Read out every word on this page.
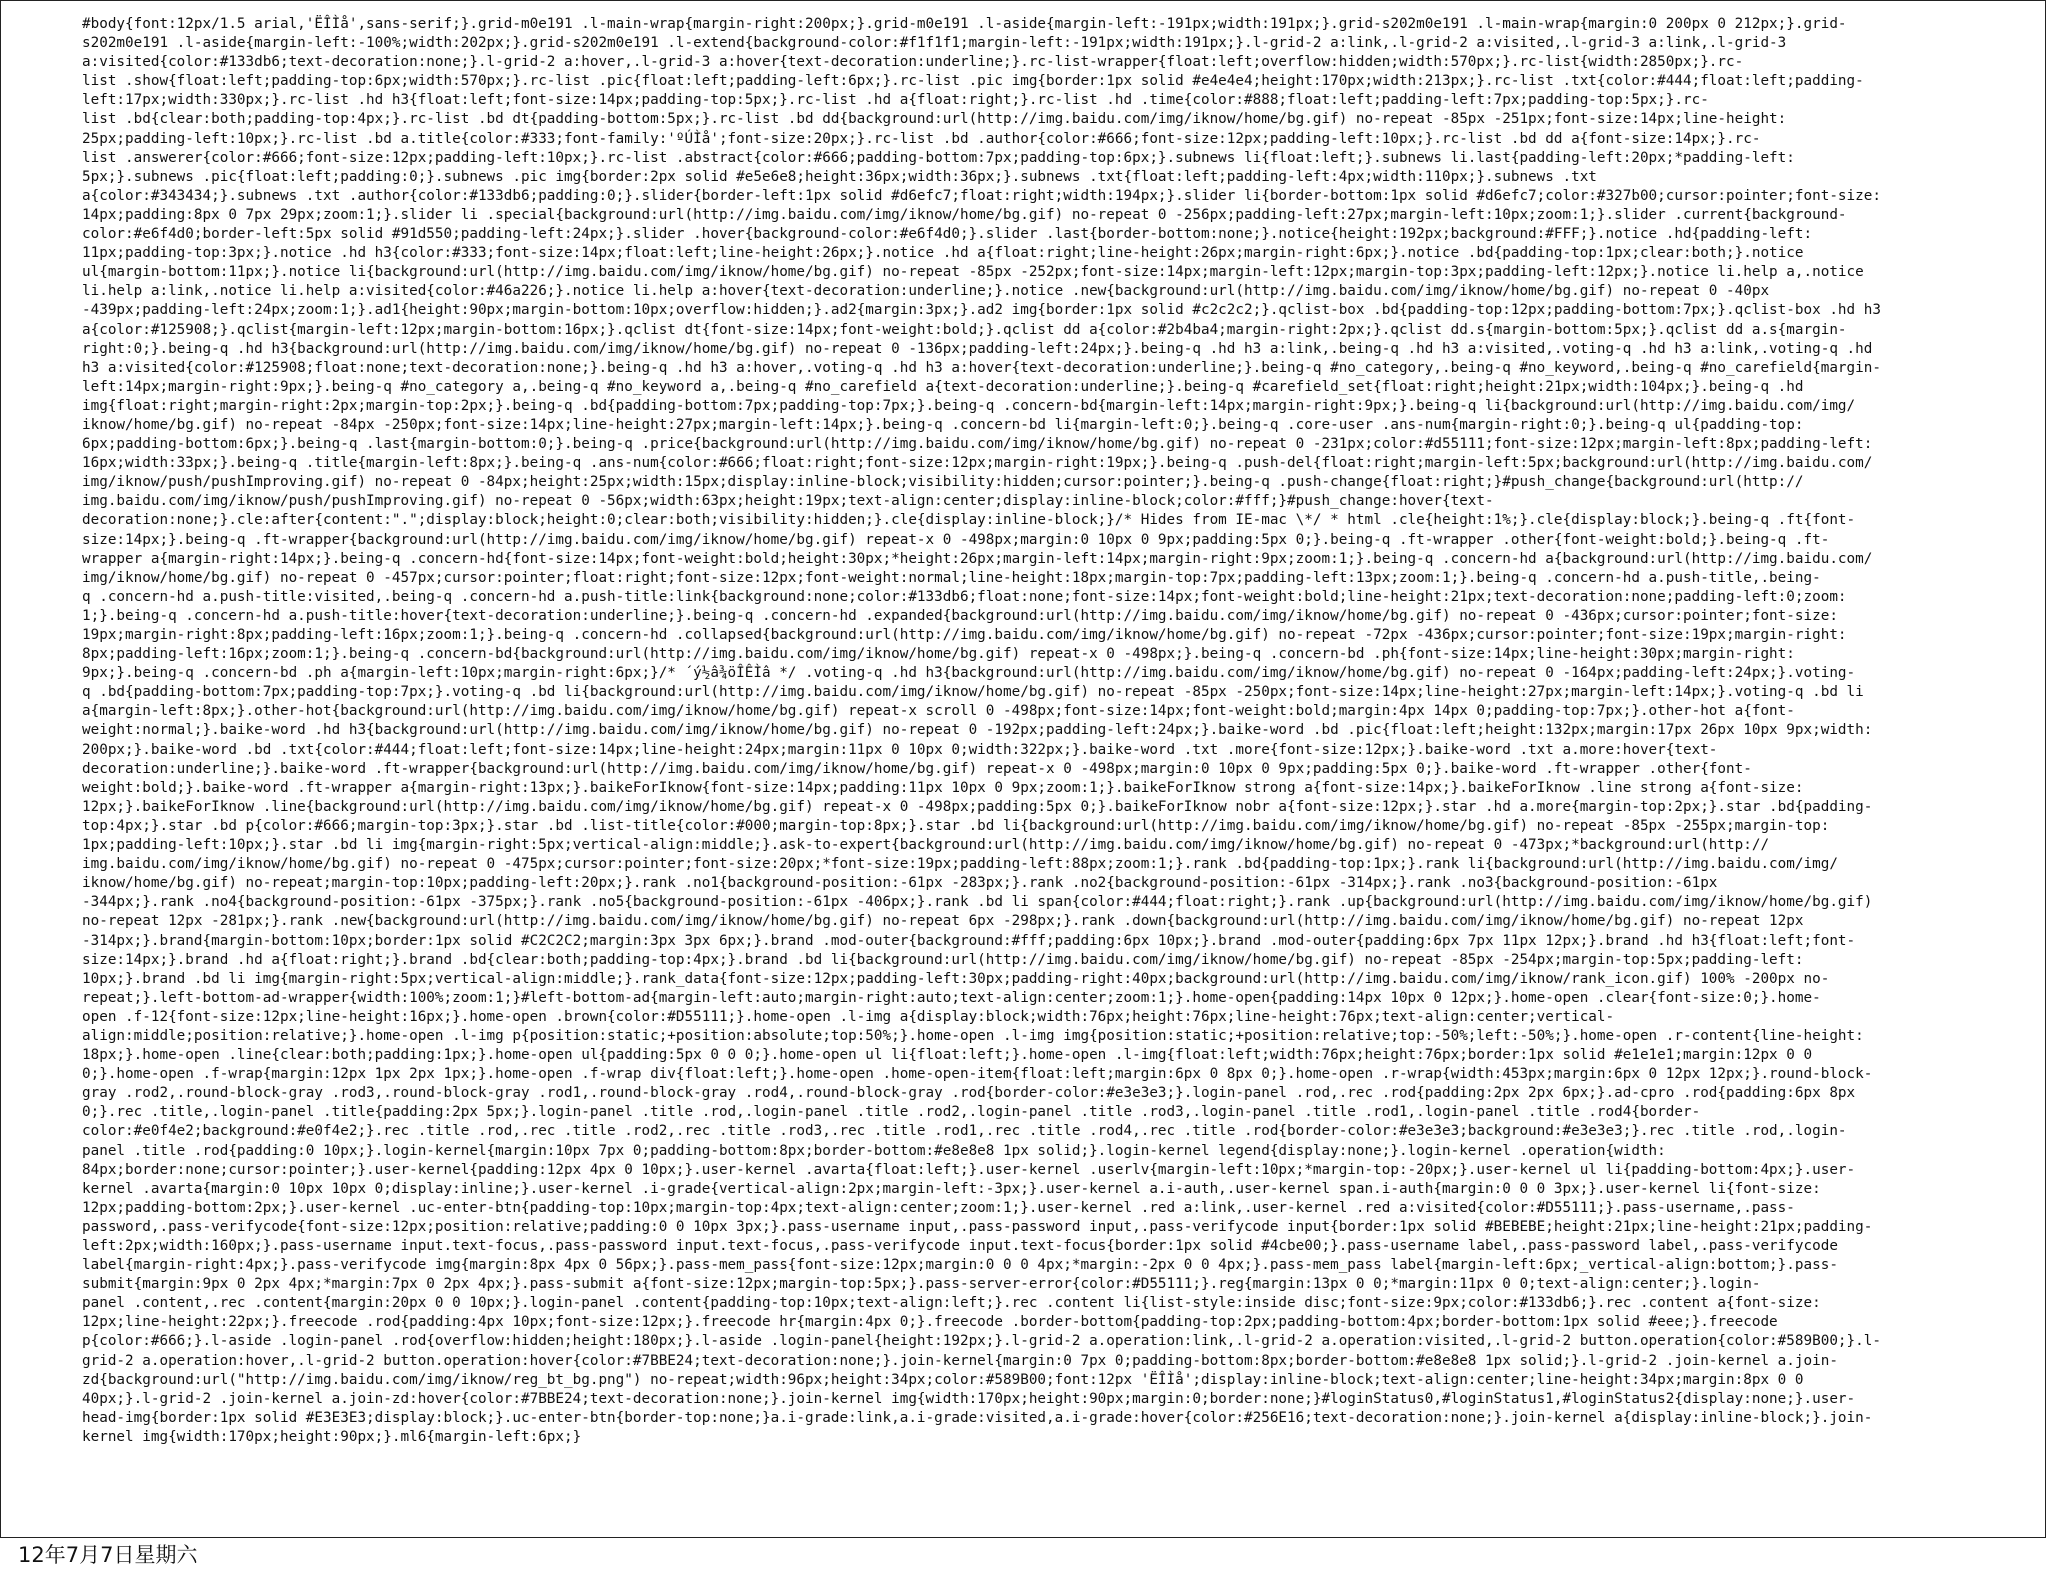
#body{font:12px/1.5 arial,'ËÎÌå',sans-serif;}.grid-m0e191 .l-main-wrap{margin-right:200px;}.grid-m0e191 .l-aside{margin-left:-191px;width:191px;}.grid-s202m0e191 .l-main-wrap{margin:0 200px 0 212px;}.grid-
s202m0e191 .l-aside{margin-left:-100%;width:202px;}.grid-s202m0e191 .l-extend{background-color:#f1f1f1;margin-left:-191px;width:191px;}.l-grid-2 a:link,.l-grid-2 a:visited,.l-grid-3 a:link,.l-grid-3
a:visited{color:#133db6;text-decoration:none;}.l-grid-2 a:hover,.l-grid-3 a:hover{text-decoration:underline;}.rc-list-wrapper{float:left;overflow:hidden;width:570px;}.rc-list{width:2850px;}.rc-
list .show{float:left;padding-top:6px;width:570px;}.rc-list .pic{float:left;padding-left:6px;}.rc-list .pic img{border:1px solid #e4e4e4;height:170px;width:213px;}.rc-list .txt{color:#444;float:left;padding-
left:17px;width:330px;}.rc-list .hd h3{float:left;font-size:14px;padding-top:5px;}.rc-list .hd a{float:right;}.rc-list .hd .time{color:#888;float:left;padding-left:7px;padding-top:5px;}.rc-
list .bd{clear:both;padding-top:4px;}.rc-list .bd dt{padding-bottom:5px;}.rc-list .bd dd{background:url(http://img.baidu.com/img/iknow/home/bg.gif) no-repeat -85px -251px;font-size:14px;line-height:
25px;padding-left:10px;}.rc-list .bd a.title{color:#333;font-family:'ºÚÌå';font-size:20px;}.rc-list .bd .author{color:#666;font-size:12px;padding-left:10px;}.rc-list .bd dd a{font-size:14px;}.rc-
list .answerer{color:#666;font-size:12px;padding-left:10px;}.rc-list .abstract{color:#666;padding-bottom:7px;padding-top:6px;}.subnews li{float:left;}.subnews li.last{padding-left:20px;*padding-left:
5px;}.subnews .pic{float:left;padding:0;}.subnews .pic img{border:2px solid #e5e6e8;height:36px;width:36px;}.subnews .txt{float:left;padding-left:4px;width:110px;}.subnews .txt
a{color:#343434;}.subnews .txt .author{color:#133db6;padding:0;}.slider{border-left:1px solid #d6efc7;float:right;width:194px;}.slider li{border-bottom:1px solid #d6efc7;color:#327b00;cursor:pointer;font-size:
14px;padding:8px 0 7px 29px;zoom:1;}.slider li .special{background:url(http://img.baidu.com/img/iknow/home/bg.gif) no-repeat 0 -256px;padding-left:27px;margin-left:10px;zoom:1;}.slider .current{background-
color:#e6f4d0;border-left:5px solid #91d550;padding-left:24px;}.slider .hover{background-color:#e6f4d0;}.slider .last{border-bottom:none;}.notice{height:192px;background:#FFF;}.notice .hd{padding-left:
11px;padding-top:3px;}.notice .hd h3{color:#333;font-size:14px;float:left;line-height:26px;}.notice .hd a{float:right;line-height:26px;margin-right:6px;}.notice .bd{padding-top:1px;clear:both;}.notice
ul{margin-bottom:11px;}.notice li{background:url(http://img.baidu.com/img/iknow/home/bg.gif) no-repeat -85px -252px;font-size:14px;margin-left:12px;margin-top:3px;padding-left:12px;}.notice li.help a,.notice
li.help a:link,.notice li.help a:visited{color:#46a226;}.notice li.help a:hover{text-decoration:underline;}.notice .new{background:url(http://img.baidu.com/img/iknow/home/bg.gif) no-repeat 0 -40px
-439px;padding-left:24px;zoom:1;}.ad1{height:90px;margin-bottom:10px;overflow:hidden;}.ad2{margin:3px;}.ad2 img{border:1px solid #c2c2c2;}.qclist-box .bd{padding-top:12px;padding-bottom:7px;}.qclist-box .hd h3
a{color:#125908;}.qclist{margin-left:12px;margin-bottom:16px;}.qclist dt{font-size:14px;font-weight:bold;}.qclist dd a{color:#2b4ba4;margin-right:2px;}.qclist dd.s{margin-bottom:5px;}.qclist dd a.s{margin-
right:0;}.being-q .hd h3{background:url(http://img.baidu.com/img/iknow/home/bg.gif) no-repeat 0 -136px;padding-left:24px;}.being-q .hd h3 a:link,.being-q .hd h3 a:visited,.voting-q .hd h3 a:link,.voting-q .hd
h3 a:visited{color:#125908;float:none;text-decoration:none;}.being-q .hd h3 a:hover,.voting-q .hd h3 a:hover{text-decoration:underline;}.being-q #no_category,.being-q #no_keyword,.being-q #no_carefield{margin-
left:14px;margin-right:9px;}.being-q #no_category a,.being-q #no_keyword a,.being-q #no_carefield a{text-decoration:underline;}.being-q #carefield_set{float:right;height:21px;width:104px;}.being-q .hd
img{float:right;margin-right:2px;margin-top:2px;}.being-q .bd{padding-bottom:7px;padding-top:7px;}.being-q .concern-bd{margin-left:14px;margin-right:9px;}.being-q li{background:url(http://img.baidu.com/img/
iknow/home/bg.gif) no-repeat -84px -250px;font-size:14px;line-height:27px;margin-left:14px;}.being-q .concern-bd li{margin-left:0;}.being-q .core-user .ans-num{margin-right:0;}.being-q ul{padding-top:
6px;padding-bottom:6px;}.being-q .last{margin-bottom:0;}.being-q .price{background:url(http://img.baidu.com/img/iknow/home/bg.gif) no-repeat 0 -231px;color:#d55111;font-size:12px;margin-left:8px;padding-left:
16px;width:33px;}.being-q .title{margin-left:8px;}.being-q .ans-num{color:#666;float:right;font-size:12px;margin-right:19px;}.being-q .push-del{float:right;margin-left:5px;background:url(http://img.baidu.com/
img/iknow/push/pushImproving.gif) no-repeat 0 -84px;height:25px;width:15px;display:inline-block;visibility:hidden;cursor:pointer;}.being-q .push-change{float:right;}#push_change{background:url(http://
img.baidu.com/img/iknow/push/pushImproving.gif) no-repeat 0 -56px;width:63px;height:19px;text-align:center;display:inline-block;color:#fff;}#push_change:hover{text-
decoration:none;}.cle:after{content:".";display:block;height:0;clear:both;visibility:hidden;}.cle{display:inline-block;}/* Hides from IE-mac \*/ * html .cle{height:1%;}.cle{display:block;}.being-q .ft{font-
size:14px;}.being-q .ft-wrapper{background:url(http://img.baidu.com/img/iknow/home/bg.gif) repeat-x 0 -498px;margin:0 10px 0 9px;padding:5px 0;}.being-q .ft-wrapper .other{font-weight:bold;}.being-q .ft-
wrapper a{margin-right:14px;}.being-q .concern-hd{font-size:14px;font-weight:bold;height:30px;*height:26px;margin-left:14px;margin-right:9px;zoom:1;}.being-q .concern-hd a{background:url(http://img.baidu.com/
img/iknow/home/bg.gif) no-repeat 0 -457px;cursor:pointer;float:right;font-size:12px;font-weight:normal;line-height:18px;margin-top:7px;padding-left:13px;zoom:1;}.being-q .concern-hd a.push-title,.being-
q .concern-hd a.push-title:visited,.being-q .concern-hd a.push-title:link{background:none;color:#133db6;float:none;font-size:14px;font-weight:bold;line-height:21px;text-decoration:none;padding-left:0;zoom:
1;}.being-q .concern-hd a.push-title:hover{text-decoration:underline;}.being-q .concern-hd .expanded{background:url(http://img.baidu.com/img/iknow/home/bg.gif) no-repeat 0 -436px;cursor:pointer;font-size:
19px;margin-right:8px;padding-left:16px;zoom:1;}.being-q .concern-hd .collapsed{background:url(http://img.baidu.com/img/iknow/home/bg.gif) no-repeat -72px -436px;cursor:pointer;font-size:19px;margin-right:
8px;padding-left:16px;zoom:1;}.being-q .concern-bd{background:url(http://img.baidu.com/img/iknow/home/bg.gif) repeat-x 0 -498px;}.being-q .concern-bd .ph{font-size:14px;line-height:30px;margin-right:
9px;}.being-q .concern-bd .ph a{margin-left:10px;margin-right:6px;}/* ´ý½â¾öÎÊÌâ */ .voting-q .hd h3{background:url(http://img.baidu.com/img/iknow/home/bg.gif) no-repeat 0 -164px;padding-left:24px;}.voting-
q .bd{padding-bottom:7px;padding-top:7px;}.voting-q .bd li{background:url(http://img.baidu.com/img/iknow/home/bg.gif) no-repeat -85px -250px;font-size:14px;line-height:27px;margin-left:14px;}.voting-q .bd li
a{margin-left:8px;}.other-hot{background:url(http://img.baidu.com/img/iknow/home/bg.gif) repeat-x scroll 0 -498px;font-size:14px;font-weight:bold;margin:4px 14px 0;padding-top:7px;}.other-hot a{font-
weight:normal;}.baike-word .hd h3{background:url(http://img.baidu.com/img/iknow/home/bg.gif) no-repeat 0 -192px;padding-left:24px;}.baike-word .bd .pic{float:left;height:132px;margin:17px 26px 10px 9px;width:
200px;}.baike-word .bd .txt{color:#444;float:left;font-size:14px;line-height:24px;margin:11px 0 10px 0;width:322px;}.baike-word .txt .more{font-size:12px;}.baike-word .txt a.more:hover{text-
decoration:underline;}.baike-word .ft-wrapper{background:url(http://img.baidu.com/img/iknow/home/bg.gif) repeat-x 0 -498px;margin:0 10px 0 9px;padding:5px 0;}.baike-word .ft-wrapper .other{font-
weight:bold;}.baike-word .ft-wrapper a{margin-right:13px;}.baikeForIknow{font-size:14px;padding:11px 10px 0 9px;zoom:1;}.baikeForIknow strong a{font-size:14px;}.baikeForIknow .line strong a{font-size:
12px;}.baikeForIknow .line{background:url(http://img.baidu.com/img/iknow/home/bg.gif) repeat-x 0 -498px;padding:5px 0;}.baikeForIknow nobr a{font-size:12px;}.star .hd a.more{margin-top:2px;}.star .bd{padding-
top:4px;}.star .bd p{color:#666;margin-top:3px;}.star .bd .list-title{color:#000;margin-top:8px;}.star .bd li{background:url(http://img.baidu.com/img/iknow/home/bg.gif) no-repeat -85px -255px;margin-top:
1px;padding-left:10px;}.star .bd li img{margin-right:5px;vertical-align:middle;}.ask-to-expert{background:url(http://img.baidu.com/img/iknow/home/bg.gif) no-repeat 0 -473px;*background:url(http://
img.baidu.com/img/iknow/home/bg.gif) no-repeat 0 -475px;cursor:pointer;font-size:20px;*font-size:19px;padding-left:88px;zoom:1;}.rank .bd{padding-top:1px;}.rank li{background:url(http://img.baidu.com/img/
iknow/home/bg.gif) no-repeat;margin-top:10px;padding-left:20px;}.rank .no1{background-position:-61px -283px;}.rank .no2{background-position:-61px -314px;}.rank .no3{background-position:-61px
-344px;}.rank .no4{background-position:-61px -375px;}.rank .no5{background-position:-61px -406px;}.rank .bd li span{color:#444;float:right;}.rank .up{background:url(http://img.baidu.com/img/iknow/home/bg.gif)
no-repeat 12px -281px;}.rank .new{background:url(http://img.baidu.com/img/iknow/home/bg.gif) no-repeat 6px -298px;}.rank .down{background:url(http://img.baidu.com/img/iknow/home/bg.gif) no-repeat 12px
-314px;}.brand{margin-bottom:10px;border:1px solid #C2C2C2;margin:3px 3px 6px;}.brand .mod-outer{background:#fff;padding:6px 10px;}.brand .mod-outer{padding:6px 7px 11px 12px;}.brand .hd h3{float:left;font-
size:14px;}.brand .hd a{float:right;}.brand .bd{clear:both;padding-top:4px;}.brand .bd li{background:url(http://img.baidu.com/img/iknow/home/bg.gif) no-repeat -85px -254px;margin-top:5px;padding-left:
10px;}.brand .bd li img{margin-right:5px;vertical-align:middle;}.rank_data{font-size:12px;padding-left:30px;padding-right:40px;background:url(http://img.baidu.com/img/iknow/rank_icon.gif) 100% -200px no-
repeat;}.left-bottom-ad-wrapper{width:100%;zoom:1;}#left-bottom-ad{margin-left:auto;margin-right:auto;text-align:center;zoom:1;}.home-open{padding:14px 10px 0 12px;}.home-open .clear{font-size:0;}.home-
open .f-12{font-size:12px;line-height:16px;}.home-open .brown{color:#D55111;}.home-open .l-img a{display:block;width:76px;height:76px;line-height:76px;text-align:center;vertical-
align:middle;position:relative;}.home-open .l-img p{position:static;+position:absolute;top:50%;}.home-open .l-img img{position:static;+position:relative;top:-50%;left:-50%;}.home-open .r-content{line-height:
18px;}.home-open .line{clear:both;padding:1px;}.home-open ul{padding:5px 0 0 0;}.home-open ul li{float:left;}.home-open .l-img{float:left;width:76px;height:76px;border:1px solid #e1e1e1;margin:12px 0 0
0;}.home-open .f-wrap{margin:12px 1px 2px 1px;}.home-open .f-wrap div{float:left;}.home-open .home-open-item{float:left;margin:6px 0 8px 0;}.home-open .r-wrap{width:453px;margin:6px 0 12px 12px;}.round-block-
gray .rod2,.round-block-gray .rod3,.round-block-gray .rod1,.round-block-gray .rod4,.round-block-gray .rod{border-color:#e3e3e3;}.login-panel .rod,.rec .rod{padding:2px 2px 6px;}.ad-cpro .rod{padding:6px 8px
0;}.rec .title,.login-panel .title{padding:2px 5px;}.login-panel .title .rod,.login-panel .title .rod2,.login-panel .title .rod3,.login-panel .title .rod1,.login-panel .title .rod4{border-
color:#e0f4e2;background:#e0f4e2;}.rec .title .rod,.rec .title .rod2,.rec .title .rod3,.rec .title .rod1,.rec .title .rod4,.rec .title .rod{border-color:#e3e3e3;background:#e3e3e3;}.rec .title .rod,.login-
panel .title .rod{padding:0 10px;}.login-kernel{margin:10px 7px 0;padding-bottom:8px;border-bottom:#e8e8e8 1px solid;}.login-kernel legend{display:none;}.login-kernel .operation{width:
84px;border:none;cursor:pointer;}.user-kernel{padding:12px 4px 0 10px;}.user-kernel .avarta{float:left;}.user-kernel .userlv{margin-left:10px;*margin-top:-20px;}.user-kernel ul li{padding-bottom:4px;}.user-
kernel .avarta{margin:0 10px 10px 0;display:inline;}.user-kernel .i-grade{vertical-align:2px;margin-left:-3px;}.user-kernel a.i-auth,.user-kernel span.i-auth{margin:0 0 0 3px;}.user-kernel li{font-size:
12px;padding-bottom:2px;}.user-kernel .uc-enter-btn{padding-top:10px;margin-top:4px;text-align:center;zoom:1;}.user-kernel .red a:link,.user-kernel .red a:visited{color:#D55111;}.pass-username,.pass-
password,.pass-verifycode{font-size:12px;position:relative;padding:0 0 10px 3px;}.pass-username input,.pass-password input,.pass-verifycode input{border:1px solid #BEBEBE;height:21px;line-height:21px;padding-
left:2px;width:160px;}.pass-username input.text-focus,.pass-password input.text-focus,.pass-verifycode input.text-focus{border:1px solid #4cbe00;}.pass-username label,.pass-password label,.pass-verifycode
label{margin-right:4px;}.pass-verifycode img{margin:8px 4px 0 56px;}.pass-mem_pass{font-size:12px;margin:0 0 0 4px;*margin:-2px 0 0 4px;}.pass-mem_pass label{margin-left:6px;_vertical-align:bottom;}.pass-
submit{margin:9px 0 2px 4px;*margin:7px 0 2px 4px;}.pass-submit a{font-size:12px;margin-top:5px;}.pass-server-error{color:#D55111;}.reg{margin:13px 0 0;*margin:11px 0 0;text-align:center;}.login-
panel .content,.rec .content{margin:20px 0 0 10px;}.login-panel .content{padding-top:10px;text-align:left;}.rec .content li{list-style:inside disc;font-size:9px;color:#133db6;}.rec .content a{font-size:
12px;line-height:22px;}.freecode .rod{padding:4px 10px;font-size:12px;}.freecode hr{margin:4px 0;}.freecode .border-bottom{padding-top:2px;padding-bottom:4px;border-bottom:1px solid #eee;}.freecode
p{color:#666;}.l-aside .login-panel .rod{overflow:hidden;height:180px;}.l-aside .login-panel{height:192px;}.l-grid-2 a.operation:link,.l-grid-2 a.operation:visited,.l-grid-2 button.operation{color:#589B00;}.l-
grid-2 a.operation:hover,.l-grid-2 button.operation:hover{color:#7BBE24;text-decoration:none;}.join-kernel{margin:0 7px 0;padding-bottom:8px;border-bottom:#e8e8e8 1px solid;}.l-grid-2 .join-kernel a.join-
zd{background:url("http://img.baidu.com/img/iknow/reg_bt_bg.png") no-repeat;width:96px;height:34px;color:#589B00;font:12px 'ËÎÌå';display:inline-block;text-align:center;line-height:34px;margin:8px 0 0
40px;}.l-grid-2 .join-kernel a.join-zd:hover{color:#7BBE24;text-decoration:none;}.join-kernel img{width:170px;height:90px;margin:0;border:none;}#loginStatus0,#loginStatus1,#loginStatus2{display:none;}.user-
head-img{border:1px solid #E3E3E3;display:block;}.uc-enter-btn{border-top:none;}a.i-grade:link,a.i-grade:visited,a.i-grade:hover{color:#256E16;text-decoration:none;}.join-kernel a{display:inline-block;}.join-
kernel img{width:170px;height:90px;}.ml6{margin-left:6px;}
12年7月7日星期六
